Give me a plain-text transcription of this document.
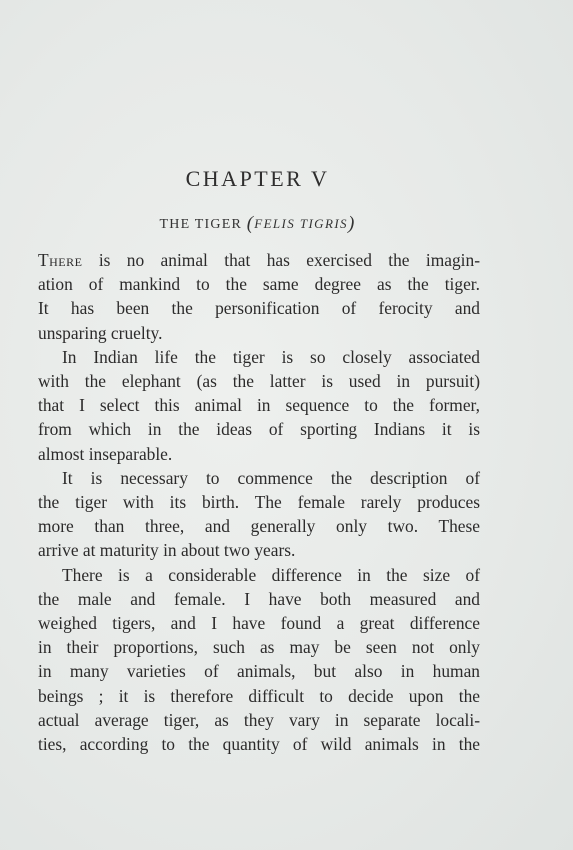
CHAPTER V
THE TIGER (FELIS TIGRIS)
There is no animal that has exercised the imagin-
ation of mankind to the same degree as the tiger.
It has been the personification of ferocity and
unsparing cruelty.
In Indian life the tiger is so closely associated
with the elephant (as the latter is used in pursuit)
that I select this animal in sequence to the former,
from which in the ideas of sporting Indians it is
almost inseparable.
It is necessary to commence the description of
the tiger with its birth. The female rarely produces
more than three, and generally only two. These
arrive at maturity in about two years.
There is a considerable difference in the size of
the male and female. I have both measured and
weighed tigers, and I have found a great difference
in their proportions, such as may be seen not only
in many varieties of animals, but also in human
beings ; it is therefore difficult to decide upon the
actual average tiger, as they vary in separate locali-
ties, according to the quantity of wild animals in the
